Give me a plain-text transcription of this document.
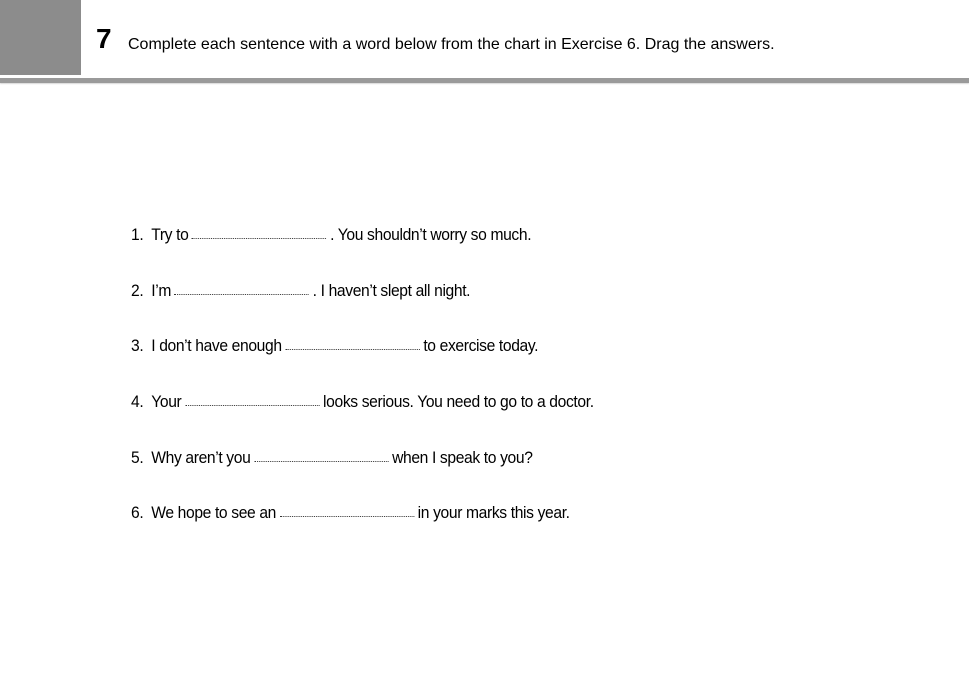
7 Complete each sentence with a word below from the chart in Exercise 6. Drag the answers.
1. Try to	. You shouldn’t worry so much.
2. I’m	. I haven’t slept all night.
3. I don’t have enough	to exercise today.
4. Your	looks serious. You need to go to a doctor.
5. Why aren’t you	when I speak to you?
6. We hope to see an	in your marks this year.
